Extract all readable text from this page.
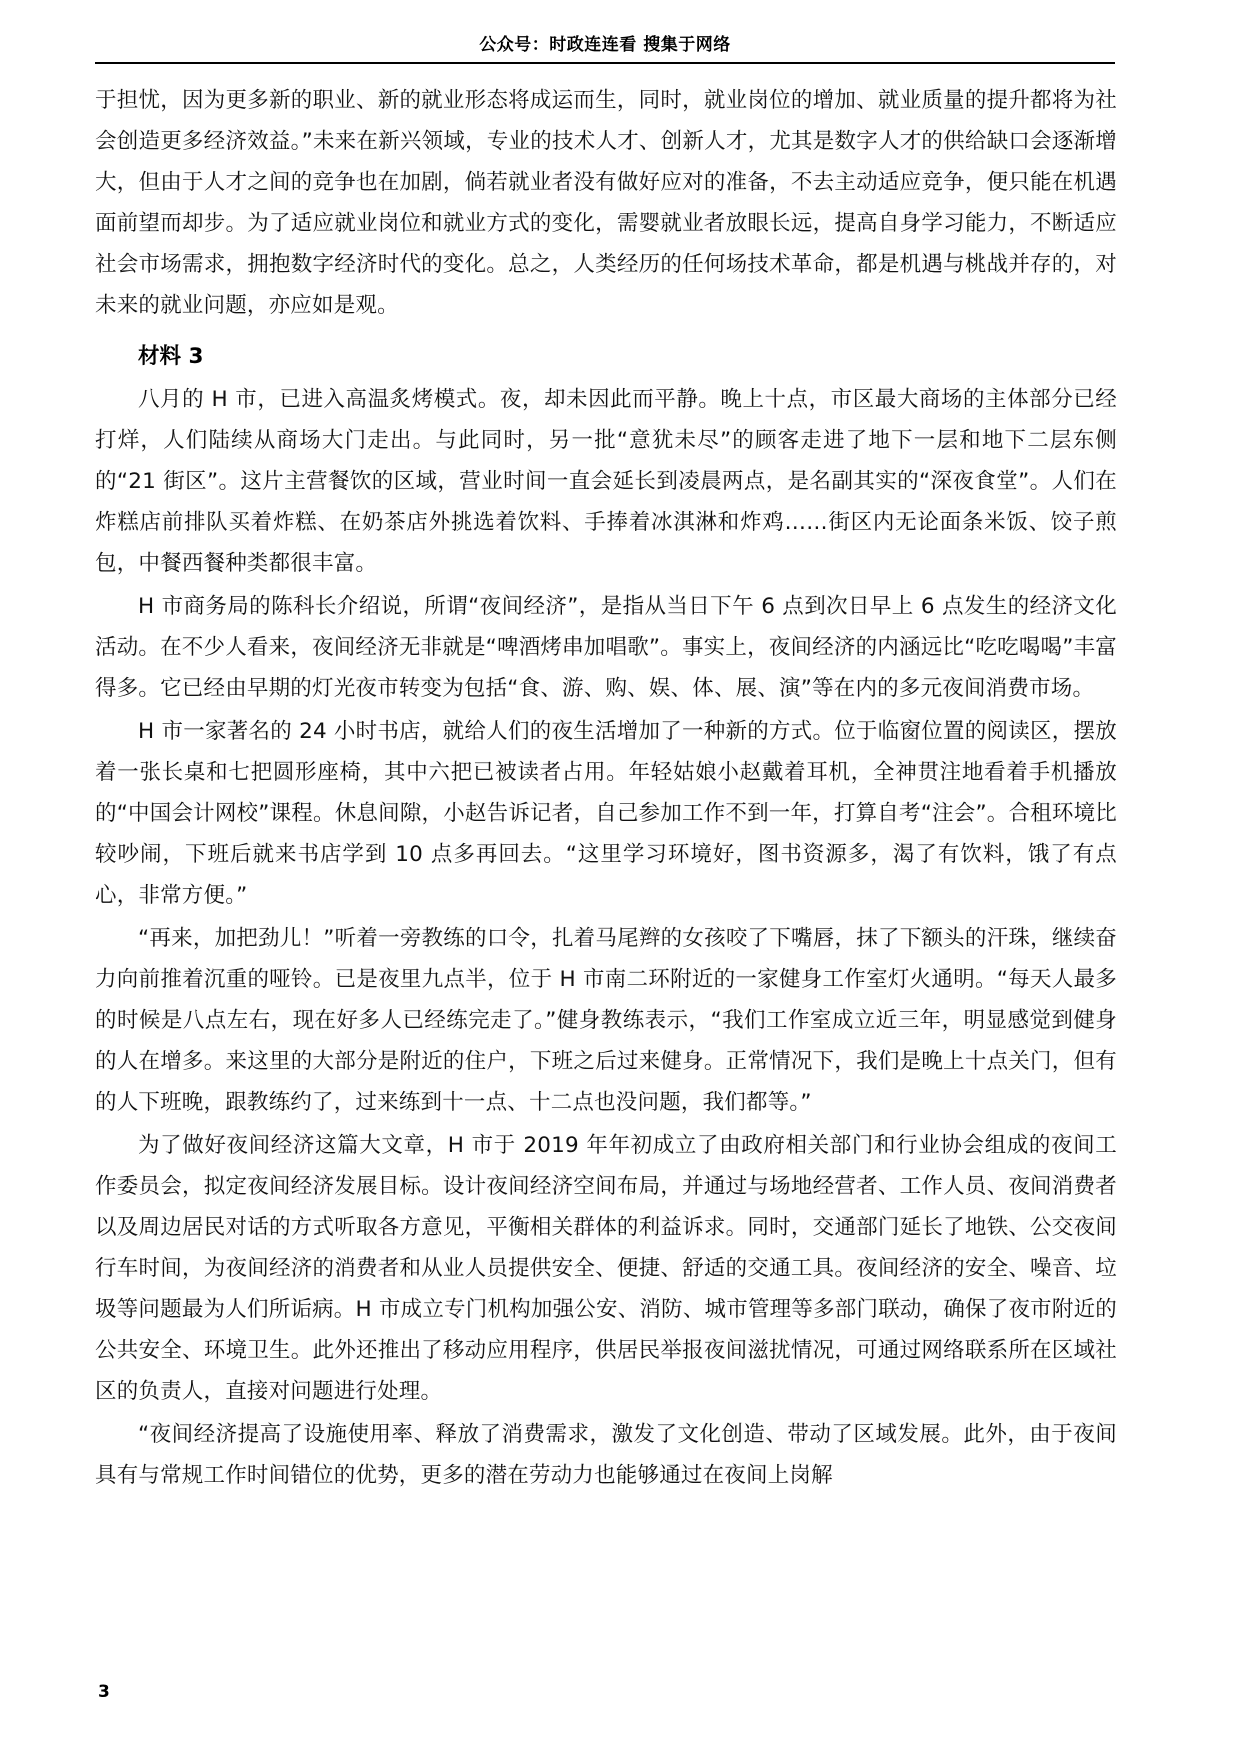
公众号：时政连连看 搜集于网络

于担忧，因为更多新的职业、新的就业形态将成运而生，同时，就业岗位的增加、就业质量的提升都将为社会创造更多经济效益。”未来在新兴领域，专业的技术人才、创新人才，尤其是数字人才的供给缺口会逐渐增大，但由于人才之间的竞争也在加剧，倘若就业者没有做好应对的准备，不去主动适应竞争，便只能在机遇面前望而却步。为了适应就业岗位和就业方式的变化，需婴就业者放眼长远，提高自身学习能力，不断适应社会市场需求，拥抱数字经济时代的变化。总之，人类经历的任何场技术革命，都是机遇与桃战并存的，对未来的就业问题，亦应如是观。

材料 3

八月的 H 市，已进入高温炙烤模式。夜，却未因此而平静。晚上十点，市区最大商场的主体部分已经打烊，人们陆续从商场大门走出。与此同时，另一批“意犹未尽”的顾客走进了地下一层和地下二层东侧的“21 街区”。这片主营餐饮的区域，营业时间一直会延长到凌晨两点，是名副其实的“深夜食堂”。人们在炸糕店前排队买着炸糕、在奶茶店外挑选着饮料、手捧着冰淇淋和炸鸡……街区内无论面条米饭、饺子煎包，中餐西餐种类都很丰富。

H 市商务局的陈科长介绍说，所谓“夜间经济”，是指从当日下午 6 点到次日早上 6 点发生的经济文化活动。在不少人看来，夜间经济无非就是“啤酒烤串加唱歌”。事实上，夜间经济的内涵远比“吃吃喝喝”丰富得多。它已经由早期的灯光夜市转变为包括“食、游、购、娱、体、展、演”等在内的多元夜间消费市场。

H 市一家著名的 24 小时书店，就给人们的夜生活增加了一种新的方式。位于临窗位置的阅读区，摆放着一张长桌和七把圆形座椅，其中六把已被读者占用。年轻姑娘小赵戴着耳机，全神贯注地看着手机播放的“中国会计网校”课程。休息间隙，小赵告诉记者，自己参加工作不到一年，打算自考“注会”。合租环境比较吵闹，下班后就来书店学到 10 点多再回去。“这里学习环境好，图书资源多，渴了有饮料，饿了有点心，非常方便。”

“再来，加把劲儿！”听着一旁教练的口令，扎着马尾辫的女孩咬了下嘴唇，抹了下额头的汗珠，继续奋力向前推着沉重的哑铃。已是夜里九点半，位于 H 市南二环附近的一家健身工作室灯火通明。“每天人最多的时候是八点左右，现在好多人已经练完走了。”健身教练表示，“我们工作室成立近三年，明显感觉到健身的人在增多。来这里的大部分是附近的住户，下班之后过来健身。正常情况下，我们是晚上十点关门，但有的人下班晚，跟教练约了，过来练到十一点、十二点也没问题，我们都等。”

为了做好夜间经济这篇大文章，H 市于 2019 年年初成立了由政府相关部门和行业协会组成的夜间工作委员会，拟定夜间经济发展目标。设计夜间经济空间布局，并通过与场地经营者、工作人员、夜间消费者以及周边居民对话的方式听取各方意见，平衡相关群体的利益诉求。同时，交通部门延长了地铁、公交夜间行车时间，为夜间经济的消费者和从业人员提供安全、便捷、舒适的交通工具。夜间经济的安全、噪音、垃圾等问题最为人们所诟病。H 市成立专门机构加强公安、消防、城市管理等多部门联动，确保了夜市附近的公共安全、环境卫生。此外还推出了移动应用程序，供居民举报夜间滋扰情况，可通过网络联系所在区域社区的负责人，直接对问题进行处理。

“夜间经济提高了设施使用率、释放了消费需求，激发了文化创造、带动了区域发展。此外，由于夜间具有与常规工作时间错位的优势，更多的潜在劳动力也能够通过在夜间上岗解

3
